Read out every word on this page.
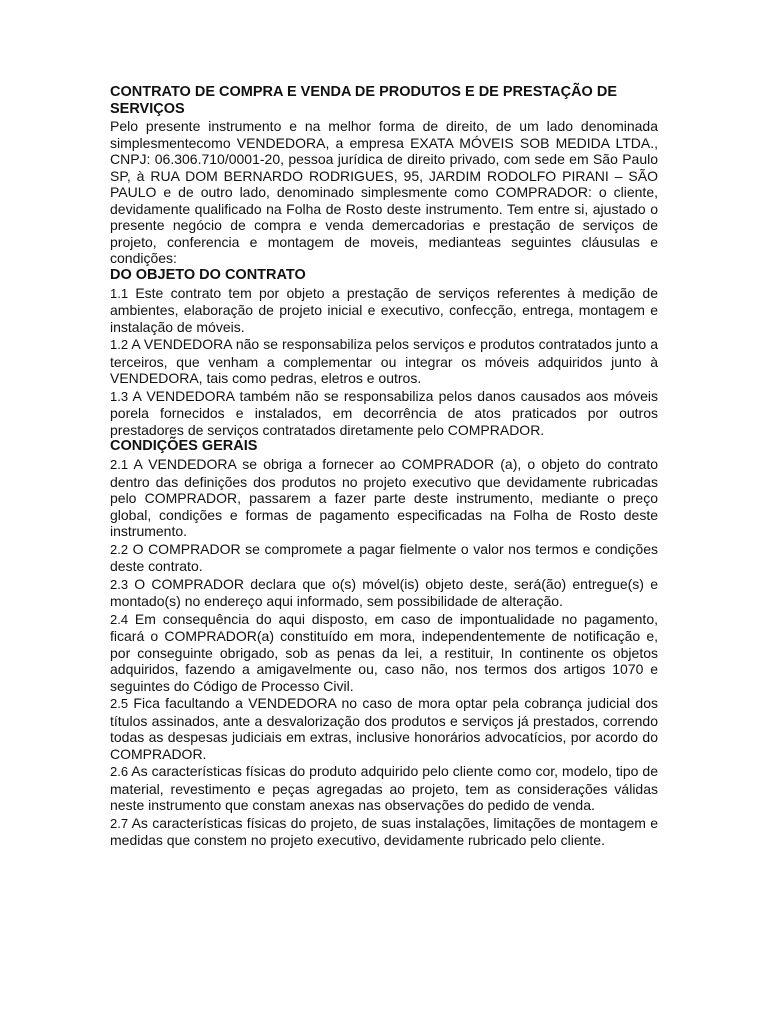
CONTRATO DE COMPRA E VENDA DE PRODUTOS E DE PRESTAÇÃO DE SERVIÇOS

Pelo presente instrumento e na melhor forma de direito, de um lado denominada simplesmentecomo VENDEDORA, a empresa EXATA MÓVEIS SOB MEDIDA LTDA., CNPJ: 06.306.710/0001-20, pessoa jurídica de direito privado, com sede em São Paulo SP, à RUA DOM BERNARDO RODRIGUES, 95, JARDIM RODOLFO PIRANI – SÃO PAULO e de outro lado, denominado simplesmente como COMPRADOR: o cliente, devidamente qualificado na Folha de Rosto deste instrumento. Tem entre si, ajustado o presente negócio de compra e venda demercadorias e prestação de serviços de projeto, conferencia e montagem de moveis, medianteas seguintes cláusulas e condições:

DO OBJETO DO CONTRATO

1.1 Este contrato tem por objeto a prestação de serviços referentes à medição de ambientes, elaboração de projeto inicial e executivo, confecção, entrega, montagem e instalação de móveis.

1.2 A VENDEDORA não se responsabiliza pelos serviços e produtos contratados junto a terceiros, que venham a complementar ou integrar os móveis adquiridos junto à VENDEDORA, tais como pedras, eletros e outros.

1.3 A VENDEDORA também não se responsabiliza pelos danos causados aos móveis porela fornecidos e instalados, em decorrência de atos praticados por outros prestadores de serviços contratados diretamente pelo COMPRADOR.

CONDIÇÕES GERAIS

2.1 A VENDEDORA se obriga a fornecer ao COMPRADOR (a), o objeto do contrato dentro das definições dos produtos no projeto executivo que devidamente rubricadas pelo COMPRADOR, passarem a fazer parte deste instrumento, mediante o preço global, condições e formas de pagamento especificadas na Folha de Rosto deste instrumento.

2.2 O COMPRADOR se compromete a pagar fielmente o valor nos termos e condições deste contrato.

2.3 O COMPRADOR declara que o(s) móvel(is) objeto deste, será(ão) entregue(s) e montado(s) no endereço aqui informado, sem possibilidade de alteração.

2.4 Em consequência do aqui disposto, em caso de impontualidade no pagamento, ficará o COMPRADOR(a) constituído em mora, independentemente de notificação e, por conseguinte obrigado, sob as penas da lei, a restituir, In continente os objetos adquiridos, fazendo a amigavelmente ou, caso não, nos termos dos artigos 1070 e seguintes do Código de Processo Civil.

2.5 Fica facultando a VENDEDORA no caso de mora optar pela cobrança judicial dos títulos assinados, ante a desvalorização dos produtos e serviços já prestados, correndo todas as despesas judiciais em extras, inclusive honorários advocatícios, por acordo do COMPRADOR.

2.6 As características físicas do produto adquirido pelo cliente como cor, modelo, tipo de material, revestimento e peças agregadas ao projeto, tem as considerações válidas neste instrumento que constam anexas nas observações do pedido de venda.

2.7 As características físicas do projeto, de suas instalações, limitações de montagem e medidas que constem no projeto executivo, devidamente rubricado pelo cliente.
